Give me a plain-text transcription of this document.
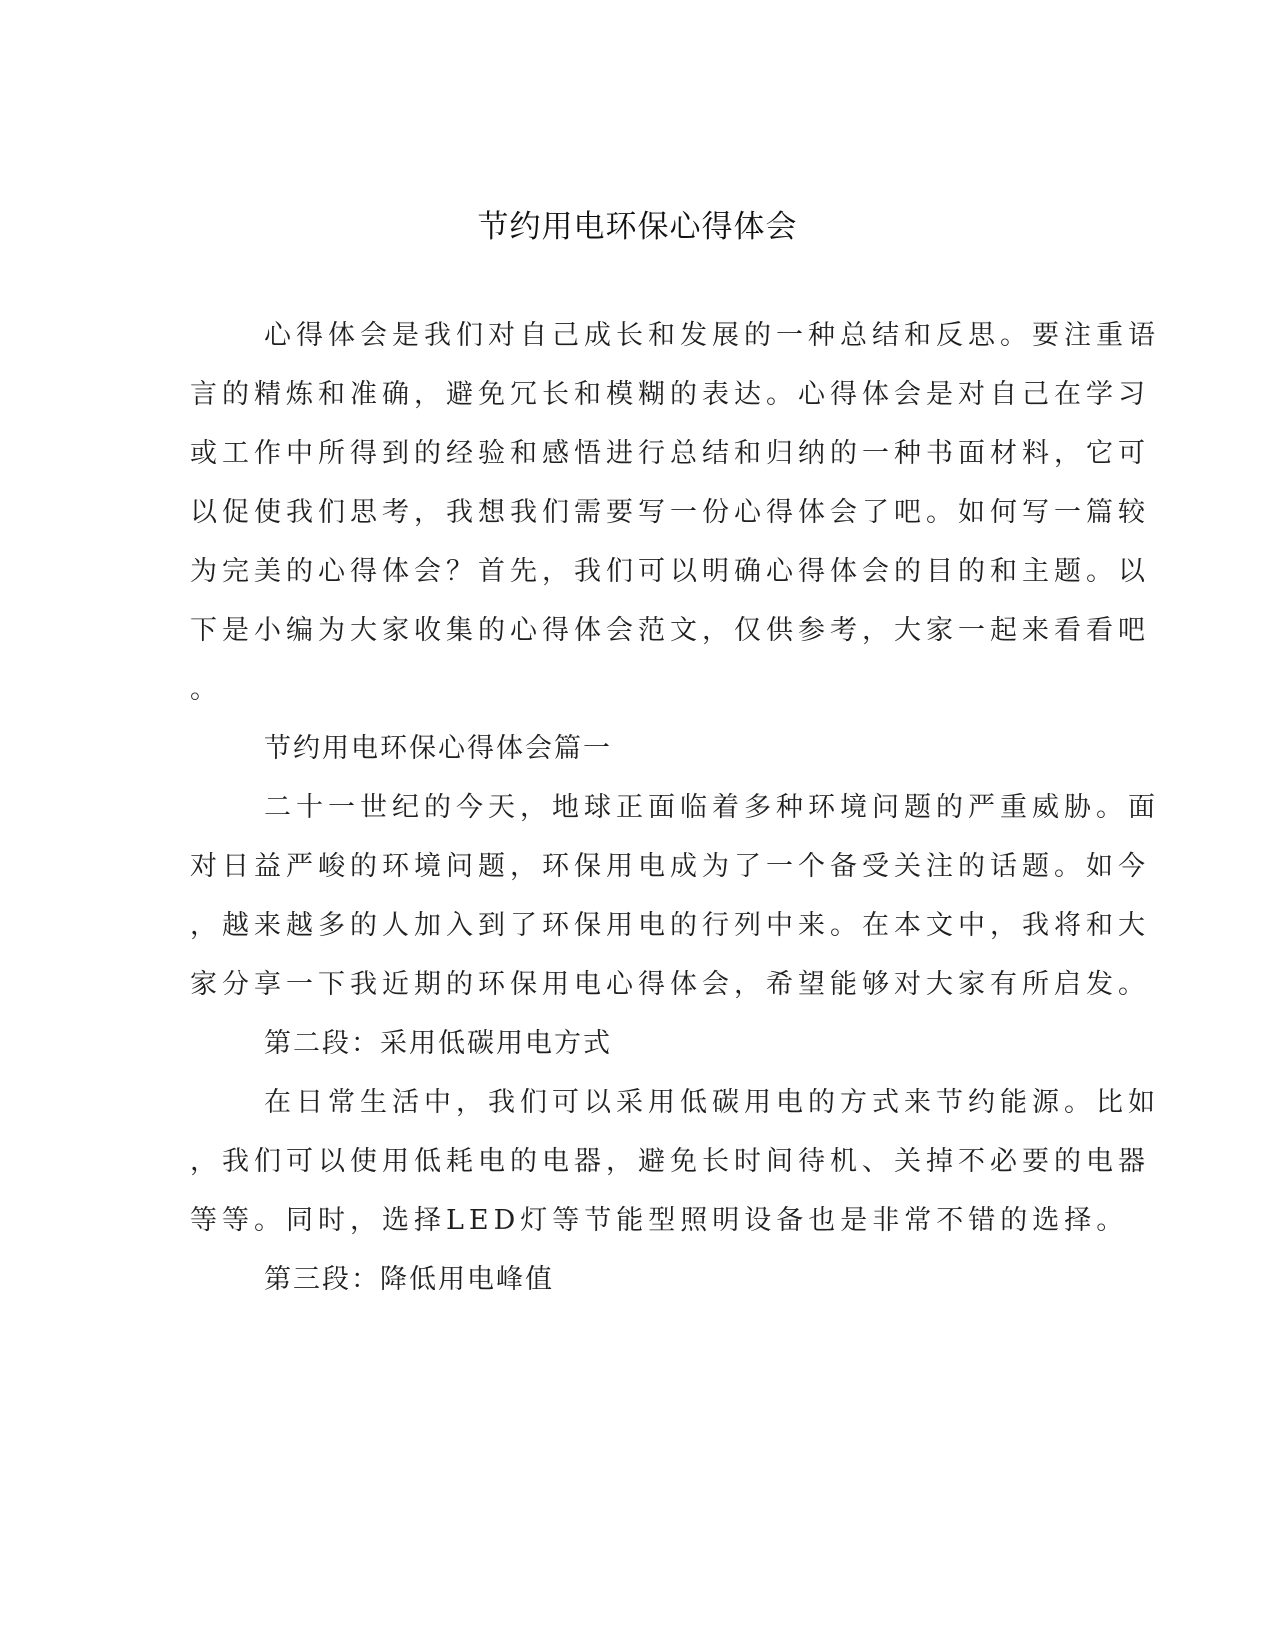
节约用电环保心得体会
心得体会是我们对自己成长和发展的一种总结和反思。要注重语
言的精炼和准确，避免冗长和模糊的表达。心得体会是对自己在学习
或工作中所得到的经验和感悟进行总结和归纳的一种书面材料，它可
以促使我们思考，我想我们需要写一份心得体会了吧。如何写一篇较
为完美的心得体会？首先，我们可以明确心得体会的目的和主题。以
下是小编为大家收集的心得体会范文，仅供参考，大家一起来看看吧
。
节约用电环保心得体会篇一
二十一世纪的今天，地球正面临着多种环境问题的严重威胁。面
对日益严峻的环境问题，环保用电成为了一个备受关注的话题。如今
，越来越多的人加入到了环保用电的行列中来。在本文中，我将和大
家分享一下我近期的环保用电心得体会，希望能够对大家有所启发。
第二段：采用低碳用电方式
在日常生活中，我们可以采用低碳用电的方式来节约能源。比如
，我们可以使用低耗电的电器，避免长时间待机、关掉不必要的电器
等等。同时，选择LED灯等节能型照明设备也是非常不错的选择。
第三段：降低用电峰值
